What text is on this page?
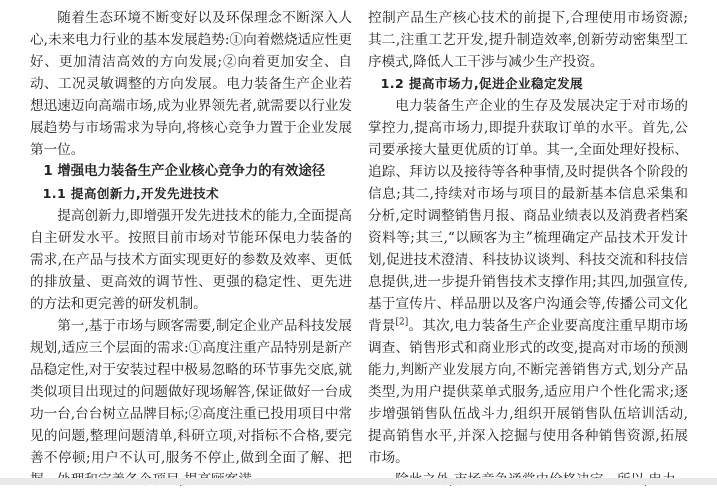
随着生态环境不断变好以及环保理念不断深入人心,未来电力行业的基本发展趋势:①向着燃烧适应性更好、更加清洁高效的方向发展;②向着更加安全、自动、工况灵敏调整的方向发展。电力装备生产企业若想迅速迈向高端市场,成为业界领先者,就需要以行业发展趋势与市场需求为导向,将核心竞争力置于企业发展第一位。

1 增强电力装备生产企业核心竞争力的有效途径

1.1 提高创新力,开发先进技术

提高创新力,即增强开发先进技术的能力,全面提高自主研发水平。按照目前市场对节能环保电力装备的需求,在产品与技术方面实现更好的参数及效率、更低的排放量、更高效的调节性、更强的稳定性、更先进的方法和更完善的研发机制。

第一,基于市场与顾客需要,制定企业产品科技发展规划,适应三个层面的需求:①高度注重产品特别是新产品稳定性,对于安装过程中极易忽略的环节事先交底,就类似项目出现过的问题做好现场解答,保证做好一台成功一台,台台树立品牌目标;②高度注重已投用项目中常见的问题,整理问题清单,科研立项,对指标不合格,要完善不停顿;用户不认可,服务不停止,做到全面了解、把

控制产品生产核心技术的前提下,合理使用市场资源;其二,注重工艺开发,提升制造效率,创新劳动密集型工序模式,降低人工干涉与减少生产投资。

1.2 提高市场力,促进企业稳定发展

电力装备生产企业的生存及发展决定于对市场的掌控力,提高市场力,即提升获取订单的水平。首先,公司要承接大量更优质的订单。其一,全面处理好投标、追踪、拜访以及接待等各种事情,及时提供各个阶段的信息;其二,持续对市场与项目的最新基本信息采集和分析,定时调整销售月报、商品业绩表以及消费者档案资料等;其三,“以顾客为主”梳理确定产品技术开发计划,促进技术澄清、科技协议谈判、科技交流和科技信息提供,进一步提升销售技术支撑作用;其四,加强宣传,基于宣传片、样品册以及客户沟通会等,传播公司文化背景[2]。其次,电力装备生产企业要高度注重早期市场调查、销售形式和商业形式的改变,提高对市场的预测能力,判断产业发展方向,不断完善销售方式,划分产品类型,为用户提供菜单式服务,适应用户个性化需求;逐步增强销售队伍战斗力,组织开展销售队伍培训活动,提高销售水平,并深入挖掘与使用各种销售资源,拓展市场。
